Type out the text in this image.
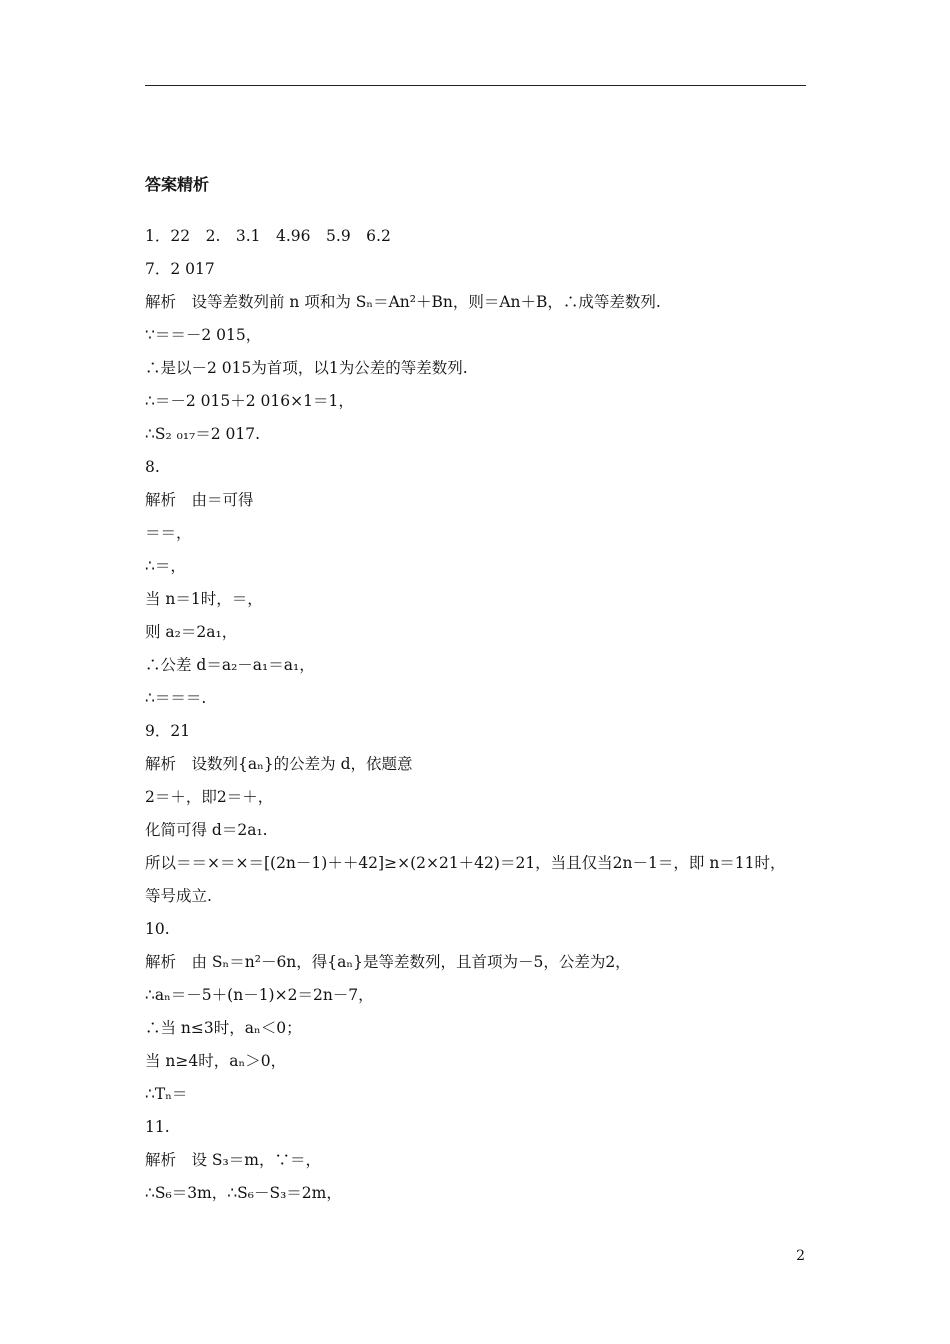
答案精析
1．22　2.　3.1　4.96　5.9　6.2
7．2 017
解析　设等差数列前 n 项和为 Sₙ＝An²＋Bn，则＝An＋B，∴成等差数列.
∵＝＝－2 015，
∴是以－2 015为首项，以1为公差的等差数列.
∴＝－2 015＋2 016×1＝1，
∴S₂ ₀₁₇＝2 017.
8.
解析　由＝可得
＝＝，
∴＝，
当 n＝1时，＝，
则 a₂＝2a₁，
∴公差 d＝a₂－a₁＝a₁，
∴＝＝＝.
9．21
解析　设数列{aₙ}的公差为 d，依题意
2＝＋，即2＝＋，
化简可得 d＝2a₁.
所以＝＝×＝×＝[(2n－1)＋＋42]≥×(2×21＋42)＝21，当且仅当2n－1＝，即 n＝11时，
等号成立.
10.
解析　由 Sₙ＝n²－6n，得{aₙ}是等差数列，且首项为－5，公差为2，
∴aₙ＝－5＋(n－1)×2＝2n－7，
∴当 n≤3时，aₙ＜0；
当 n≥4时，aₙ＞0，
∴Tₙ＝
11.
解析　设 S₃＝m，∵＝，
∴S₆＝3m，∴S₆－S₃＝2m，
2
